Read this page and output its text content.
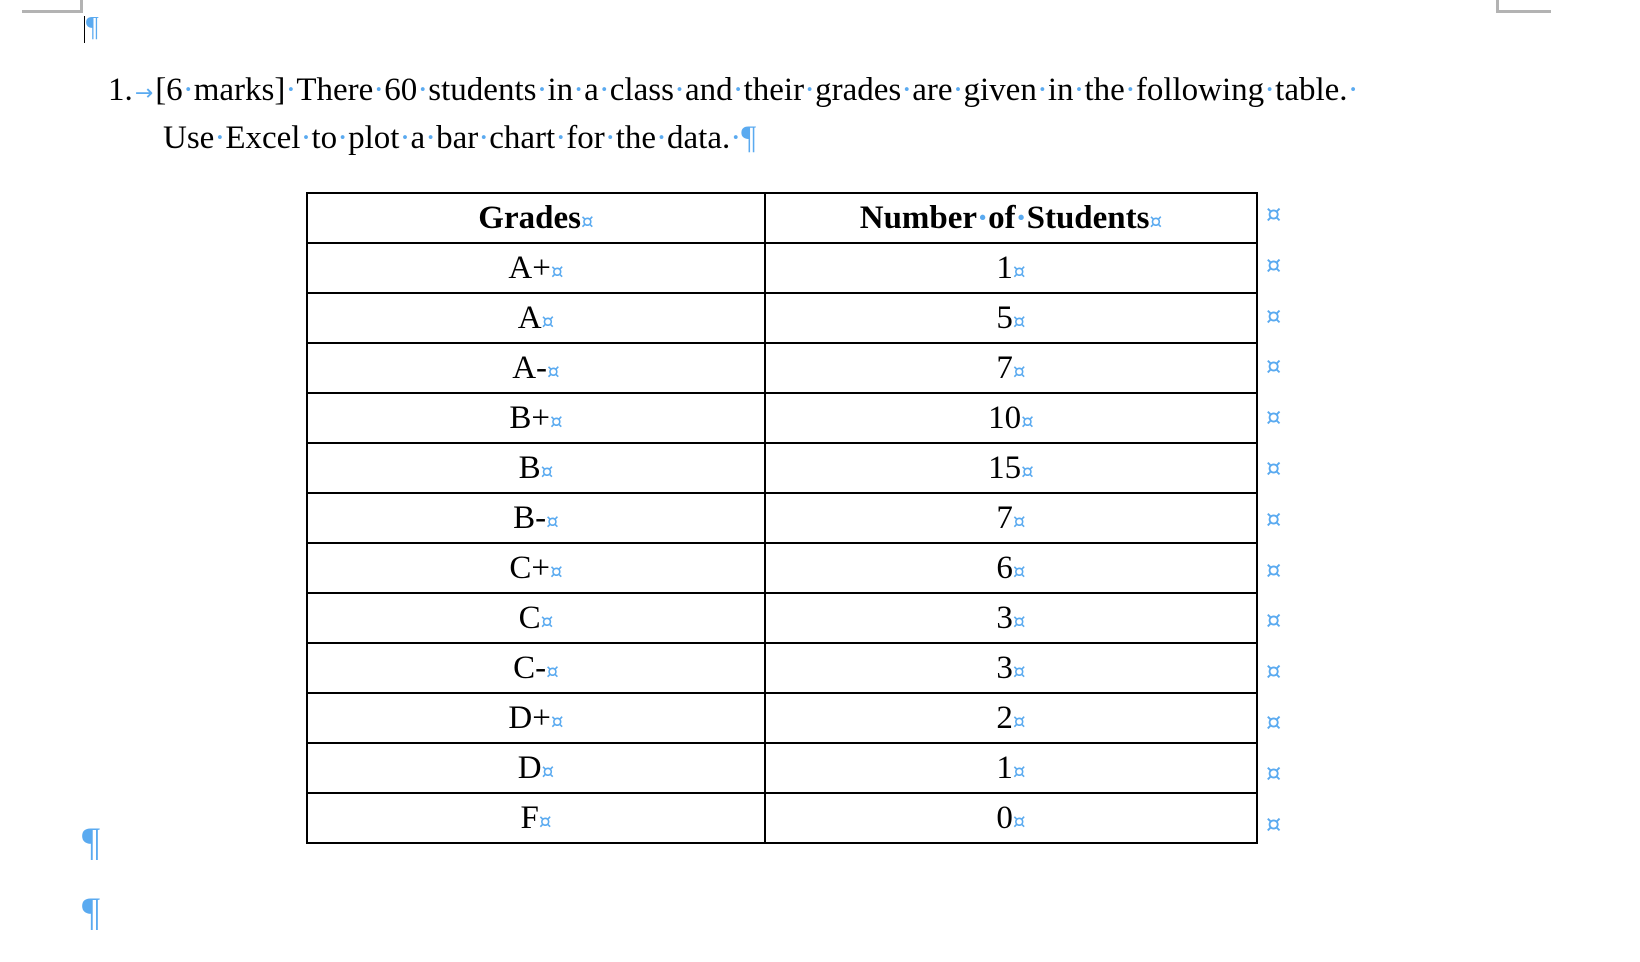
¶
1.→[6·marks]·There·60·students·in·a·class·and·their·grades·are·given·in·the·following·table.·
Use·Excel·to·plot·a·bar·chart·for·the·data.·¶
Grades¤	Number·of·Students¤
A+¤	1¤
A¤	5¤
A-¤	7¤
B+¤	10¤
B¤	15¤
B-¤	7¤
C+¤	6¤
C¤	3¤
C-¤	3¤
D+¤	2¤
D¤	1¤
F¤	0¤
¤
¤
¤
¤
¤
¤
¤
¤
¤
¤
¤
¤
¤
¶
¶
